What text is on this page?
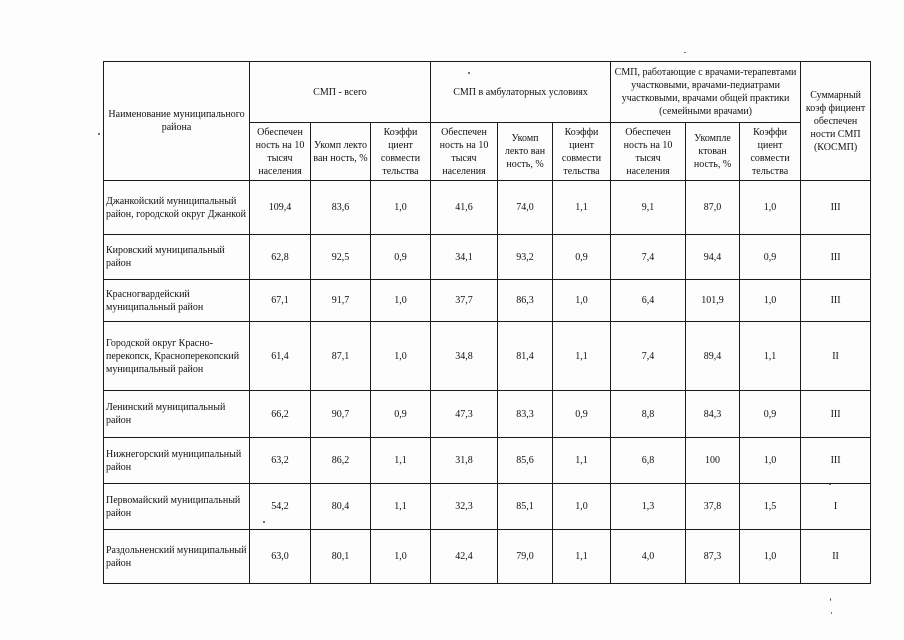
Наименование муниципального района	СМП - всего			СМП в амбулаторных условиях			СМП, работающие с врачами-терапевтами участковыми, врачами-педиатрами участковыми, врачами общей практики (семейными врачами)			Суммарный коэф фициент обеспечен ности СМП (КОСМП)
	Обеспечен ность на 10 тысяч населения	Укомп лекто ван ность, %	Коэффи циент совмести тельства	Обеспечен ность на 10 тысяч населения	Укомп лекто ван ность, %	Коэффи циент совмести тельства	Обеспечен ность на 10 тысяч населения	Укомпле ктован ность, %	Коэффи циент совмести тельства	
Джанкойский муниципальный район, городской округ Джанкой	109,4	83,6	1,0	41,6	74,0	1,1	9,1	87,0	1,0	III
Кировский муниципальный район	62,8	92,5	0,9	34,1	93,2	0,9	7,4	94,4	0,9	III
Красногвардейский муниципальный район	67,1	91,7	1,0	37,7	86,3	1,0	6,4	101,9	1,0	III
Городской округ Красно-перекопск, Красноперекопский муниципальный район	61,4	87,1	1,0	34,8	81,4	1,1	7,4	89,4	1,1	II
Ленинский муниципальный район	66,2	90,7	0,9	47,3	83,3	0,9	8,8	84,3	0,9	III
Нижнегорский муниципальный район	63,2	86,2	1,1	31,8	85,6	1,1	6,8	100	1,0	III
Первомайский муниципальный район	54,2	80,4	1,1	32,3	85,1	1,0	1,3	37,8	1,5	I
Раздольненский муниципальный район	63,0	80,1	1,0	42,4	79,0	1,1	4,0	87,3	1,0	II
